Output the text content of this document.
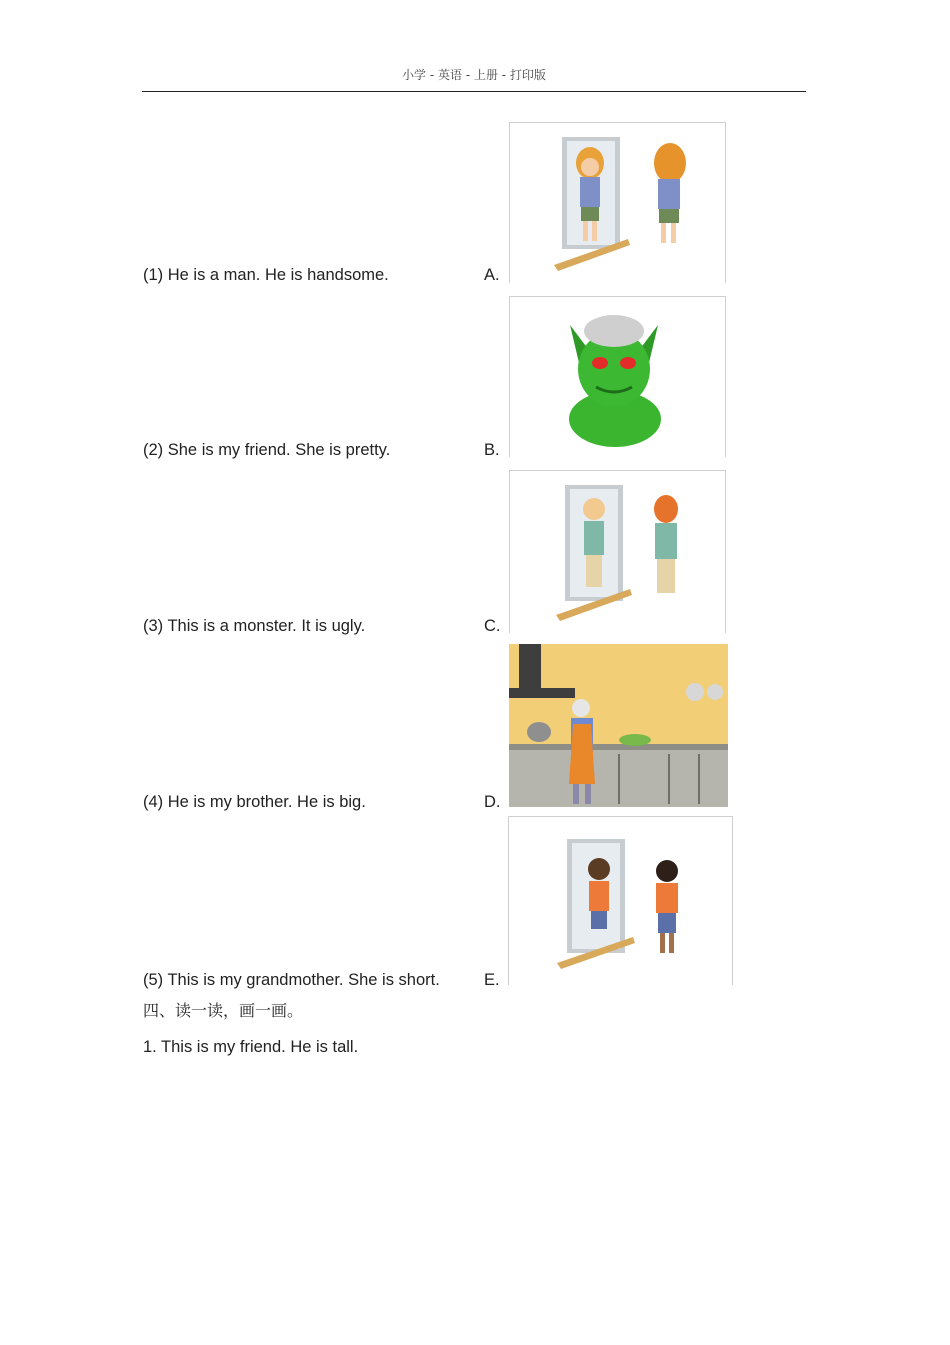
小学 - 英语 - 上册 - 打印版
(1) He is a man. He is handsome.
(2) She is my friend. She is pretty.
(3) This is a monster. It is ugly.
(4) He is my brother. He is big.
(5) This is my grandmother. She is short.
A.
B.
C.
D.
E.
四、读一读，画一画。
1. This is my friend. He is tall.
